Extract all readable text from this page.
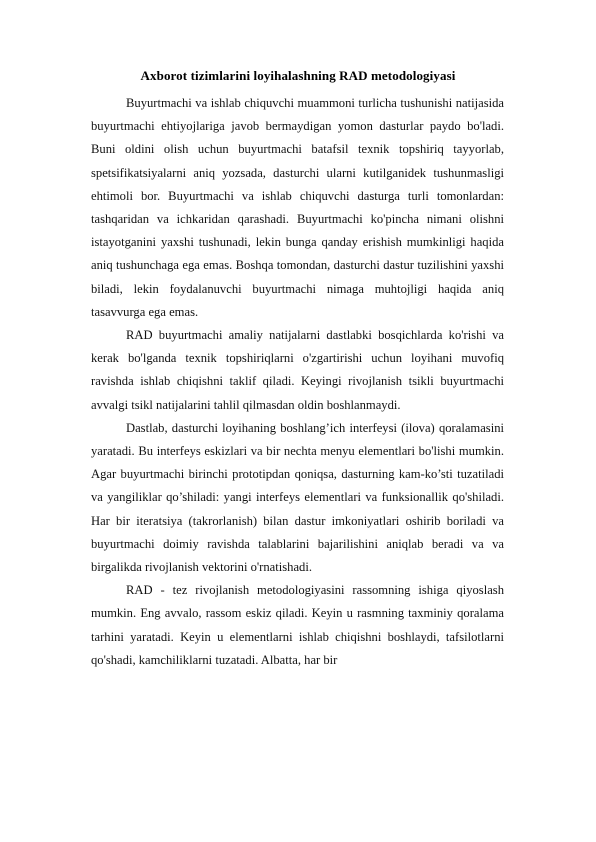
Axborot tizimlarini loyihalashning RAD metodologiyasi

Buyurtmachi va ishlab chiquvchi muammoni turlicha tushunishi natijasida buyurtmachi ehtiyojlariga javob bermaydigan yomon dasturlar paydo bo'ladi. Buni oldini olish uchun buyurtmachi batafsil texnik topshiriq tayyorlab, spetsifikatsiyalarni aniq yozsada, dasturchi ularni kutilganidek tushunmasligi ehtimoli bor. Buyurtmachi va ishlab chiquvchi dasturga turli tomonlardan: tashqaridan va ichkaridan qarashadi. Buyurtmachi ko'pincha nimani olishni istayotganini yaxshi tushunadi, lekin bunga qanday erishish mumkinligi haqida aniq tushunchaga ega emas. Boshqa tomondan, dasturchi dastur tuzilishini yaxshi biladi, lekin foydalanuvchi buyurtmachi nimaga muhtojligi haqida aniq tasavvurga ega emas.

RAD buyurtmachi amaliy natijalarni dastlabki bosqichlarda ko'rishi va kerak bo'lganda texnik topshiriqlarni o'zgartirishi uchun loyihani muvofiq ravishda ishlab chiqishni taklif qiladi. Keyingi rivojlanish tsikli buyurtmachi avvalgi tsikl natijalarini tahlil qilmasdan oldin boshlanmaydi.

Dastlab, dasturchi loyihaning boshlang’ich interfeysi (ilova) qoralamasini yaratadi. Bu interfeys eskizlari va bir nechta menyu elementlari bo'lishi mumkin. Agar buyurtmachi birinchi prototipdan qoniqsa, dasturning kam-ko’sti tuzatiladi va yangiliklar qo’shiladi: yangi interfeys elementlari va funksionallik qo'shiladi. Har bir iteratsiya (takrorlanish) bilan dastur imkoniyatlari oshirib boriladi va buyurtmachi doimiy ravishda talablarini bajarilishini aniqlab beradi va va birgalikda rivojlanish vektorini o'rnatishadi.

RAD - tez rivojlanish metodologiyasini rassomning ishiga qiyoslash mumkin. Eng avvalo, rassom eskiz qiladi. Keyin u rasmning taxminiy qoralama tarhini yaratadi. Keyin u elementlarni ishlab chiqishni boshlaydi, tafsilotlarni qo'shadi, kamchiliklarni tuzatadi. Albatta, har bir
